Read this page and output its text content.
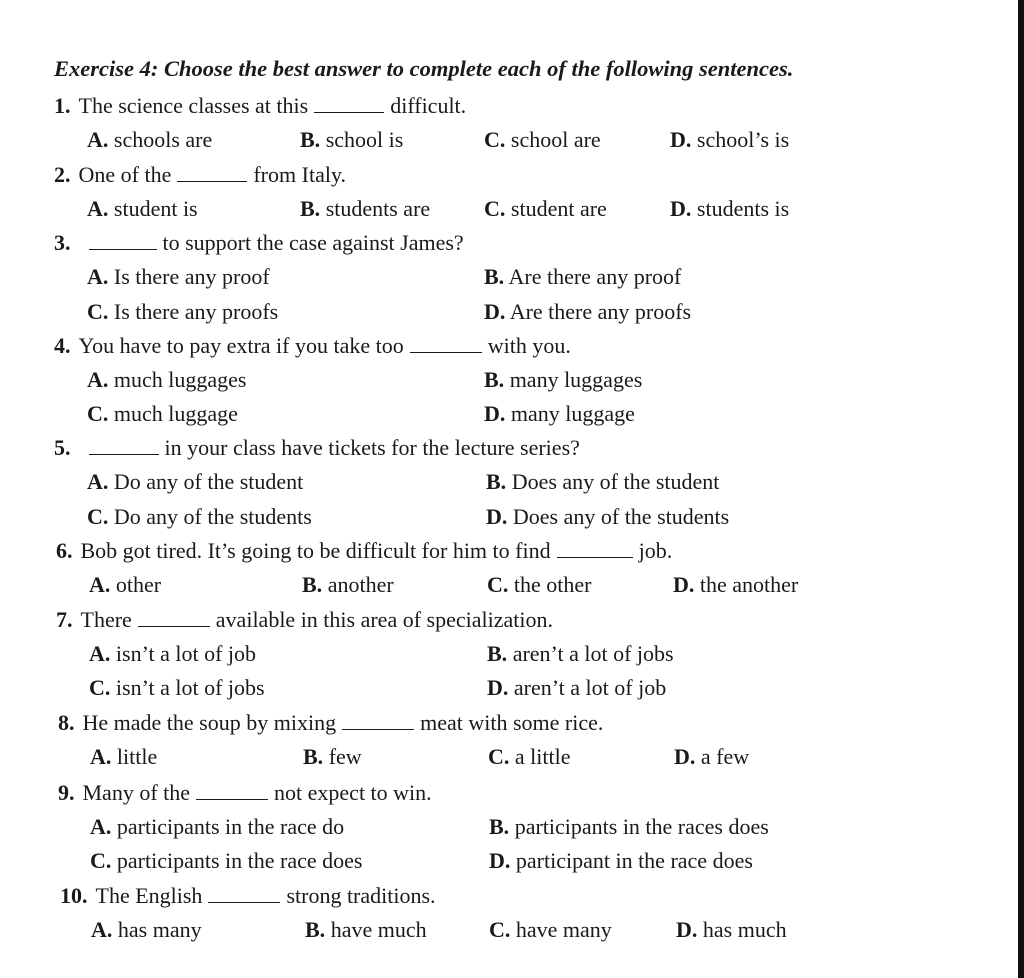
Exercise 4: Choose the best answer to complete each of the following sentences.
1. The science classes at this	difficult.
A. schools are	B. school is	C. school are	D. school’s is
2. One of the	from Italy.
A. student is	B. students are C. student are	D. students is
3.	to support the case against James?
A. Is there any proof	B. Are there any proof
C. Is there any proofs	D. Are there any proofs
4. You have to pay extra if you take too	with you.
A. much luggages	B. many luggages
C. much luggage	D. many luggage
5.	in your class have tickets for the lecture series?
A. Do any of the student	B. Does any of the student
C. Do any of the students	D. Does any of the students
6. Bob got tired. It’s going to be difficult for him to find	job.
A. other	B. another	C. the other	D. the another
7. There	available in this area of specialization.
A. isn’t a lot of job	B. aren’t a lot of jobs
C. isn’t a lot of jobs	D. aren’t a lot of job
8. He made the soup by mixing	meat with some rice.
A. little	B. few	C. a little	D. a few
9. Many of the	not expect to win.
A. participants in the race do	B. participants in the races does
C. participants in the race does	D. participant in the race does
10. The English	strong traditions.
A. has many	B. have much	C. have many	D. has much
